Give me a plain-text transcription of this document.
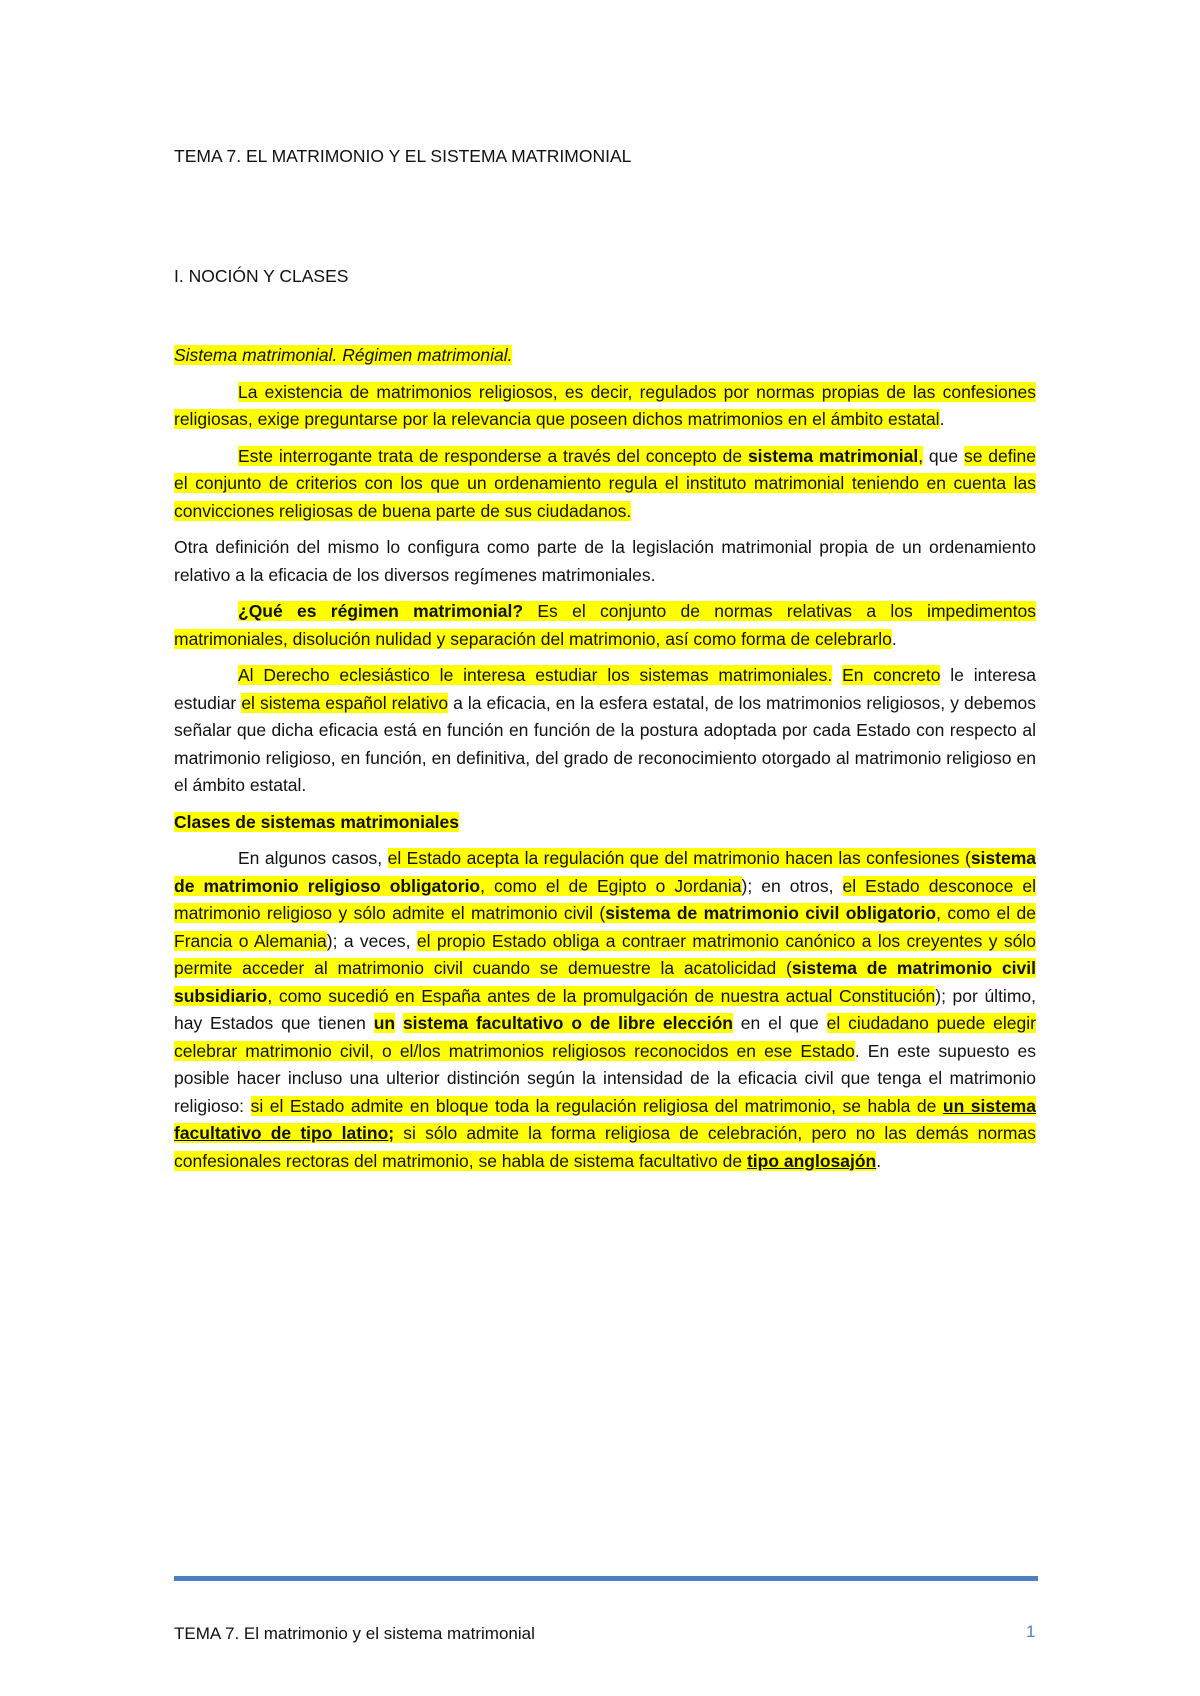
TEMA 7. EL MATRIMONIO Y EL SISTEMA MATRIMONIAL
I. NOCIÓN Y CLASES

Sistema matrimonial. Régimen matrimonial.

La existencia de matrimonios religiosos, es decir, regulados por normas propias de las confesiones religiosas, exige preguntarse por la relevancia que poseen dichos matrimonios en el ámbito estatal.

Este interrogante trata de responderse a través del concepto de sistema matrimonial, que se define el conjunto de criterios con los que un ordenamiento regula el instituto matrimonial teniendo en cuenta las convicciones religiosas de buena parte de sus ciudadanos.

Otra definición del mismo lo configura como parte de la legislación matrimonial propia de un ordenamiento relativo a la eficacia de los diversos regímenes matrimoniales.

¿Qué es régimen matrimonial? Es el conjunto de normas relativas a los impedimentos matrimoniales, disolución nulidad y separación del matrimonio, así como forma de celebrarlo.

Al Derecho eclesiástico le interesa estudiar los sistemas matrimoniales. En concreto le interesa estudiar el sistema español relativo a la eficacia, en la esfera estatal, de los matrimonios religiosos, y debemos señalar que dicha eficacia está en función en función de la postura adoptada por cada Estado con respecto al matrimonio religioso, en función, en definitiva, del grado de reconocimiento otorgado al matrimonio religioso en el ámbito estatal.

Clases de sistemas matrimoniales

En algunos casos, el Estado acepta la regulación que del matrimonio hacen las confesiones (sistema de matrimonio religioso obligatorio, como el de Egipto o Jordania); en otros, el Estado desconoce el matrimonio religioso y sólo admite el matrimonio civil (sistema de matrimonio civil obligatorio, como el de Francia o Alemania); a veces, el propio Estado obliga a contraer matrimonio canónico a los creyentes y sólo permite acceder al matrimonio civil cuando se demuestre la acatolicidad (sistema de matrimonio civil subsidiario, como sucedió en España antes de la promulgación de nuestra actual Constitución); por último, hay Estados que tienen un sistema facultativo o de libre elección en el que el ciudadano puede elegir celebrar matrimonio civil, o el/los matrimonios religiosos reconocidos en ese Estado. En este supuesto es posible hacer incluso una ulterior distinción según la intensidad de la eficacia civil que tenga el matrimonio religioso: si el Estado admite en bloque toda la regulación religiosa del matrimonio, se habla de un sistema facultativo de tipo latino; si sólo admite la forma religiosa de celebración, pero no las demás normas confesionales rectoras del matrimonio, se habla de sistema facultativo de tipo anglosajón.

TEMA 7. El matrimonio y el sistema matrimonial	1
